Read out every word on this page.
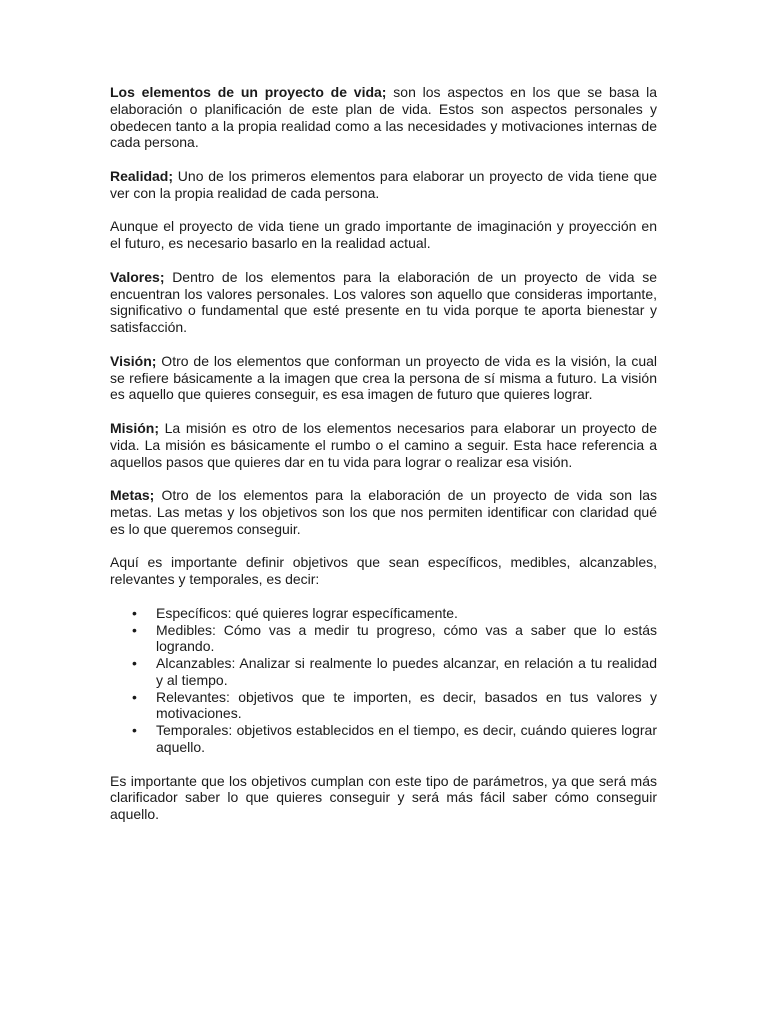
Los elementos de un proyecto de vida; son los aspectos en los que se basa la elaboración o planificación de este plan de vida. Estos son aspectos personales y obedecen tanto a la propia realidad como a las necesidades y motivaciones internas de cada persona.

Realidad; Uno de los primeros elementos para elaborar un proyecto de vida tiene que ver con la propia realidad de cada persona.

Aunque el proyecto de vida tiene un grado importante de imaginación y proyección en el futuro, es necesario basarlo en la realidad actual.

Valores; Dentro de los elementos para la elaboración de un proyecto de vida se encuentran los valores personales. Los valores son aquello que consideras importante, significativo o fundamental que esté presente en tu vida porque te aporta bienestar y satisfacción.

Visión; Otro de los elementos que conforman un proyecto de vida es la visión, la cual se refiere básicamente a la imagen que crea la persona de sí misma a futuro. La visión es aquello que quieres conseguir, es esa imagen de futuro que quieres lograr.

Misión; La misión es otro de los elementos necesarios para elaborar un proyecto de vida. La misión es básicamente el rumbo o el camino a seguir. Esta hace referencia a aquellos pasos que quieres dar en tu vida para lograr o realizar esa visión.

Metas; Otro de los elementos para la elaboración de un proyecto de vida son las metas. Las metas y los objetivos son los que nos permiten identificar con claridad qué es lo que queremos conseguir.

Aquí es importante definir objetivos que sean específicos, medibles, alcanzables, relevantes y temporales, es decir:

• Específicos: qué quieres lograr específicamente.
• Medibles: Cómo vas a medir tu progreso, cómo vas a saber que lo estás logrando.
• Alcanzables: Analizar si realmente lo puedes alcanzar, en relación a tu realidad y al tiempo.
• Relevantes: objetivos que te importen, es decir, basados en tus valores y motivaciones.
• Temporales: objetivos establecidos en el tiempo, es decir, cuándo quieres lograr aquello.

Es importante que los objetivos cumplan con este tipo de parámetros, ya que será más clarificador saber lo que quieres conseguir y será más fácil saber cómo conseguir aquello.
